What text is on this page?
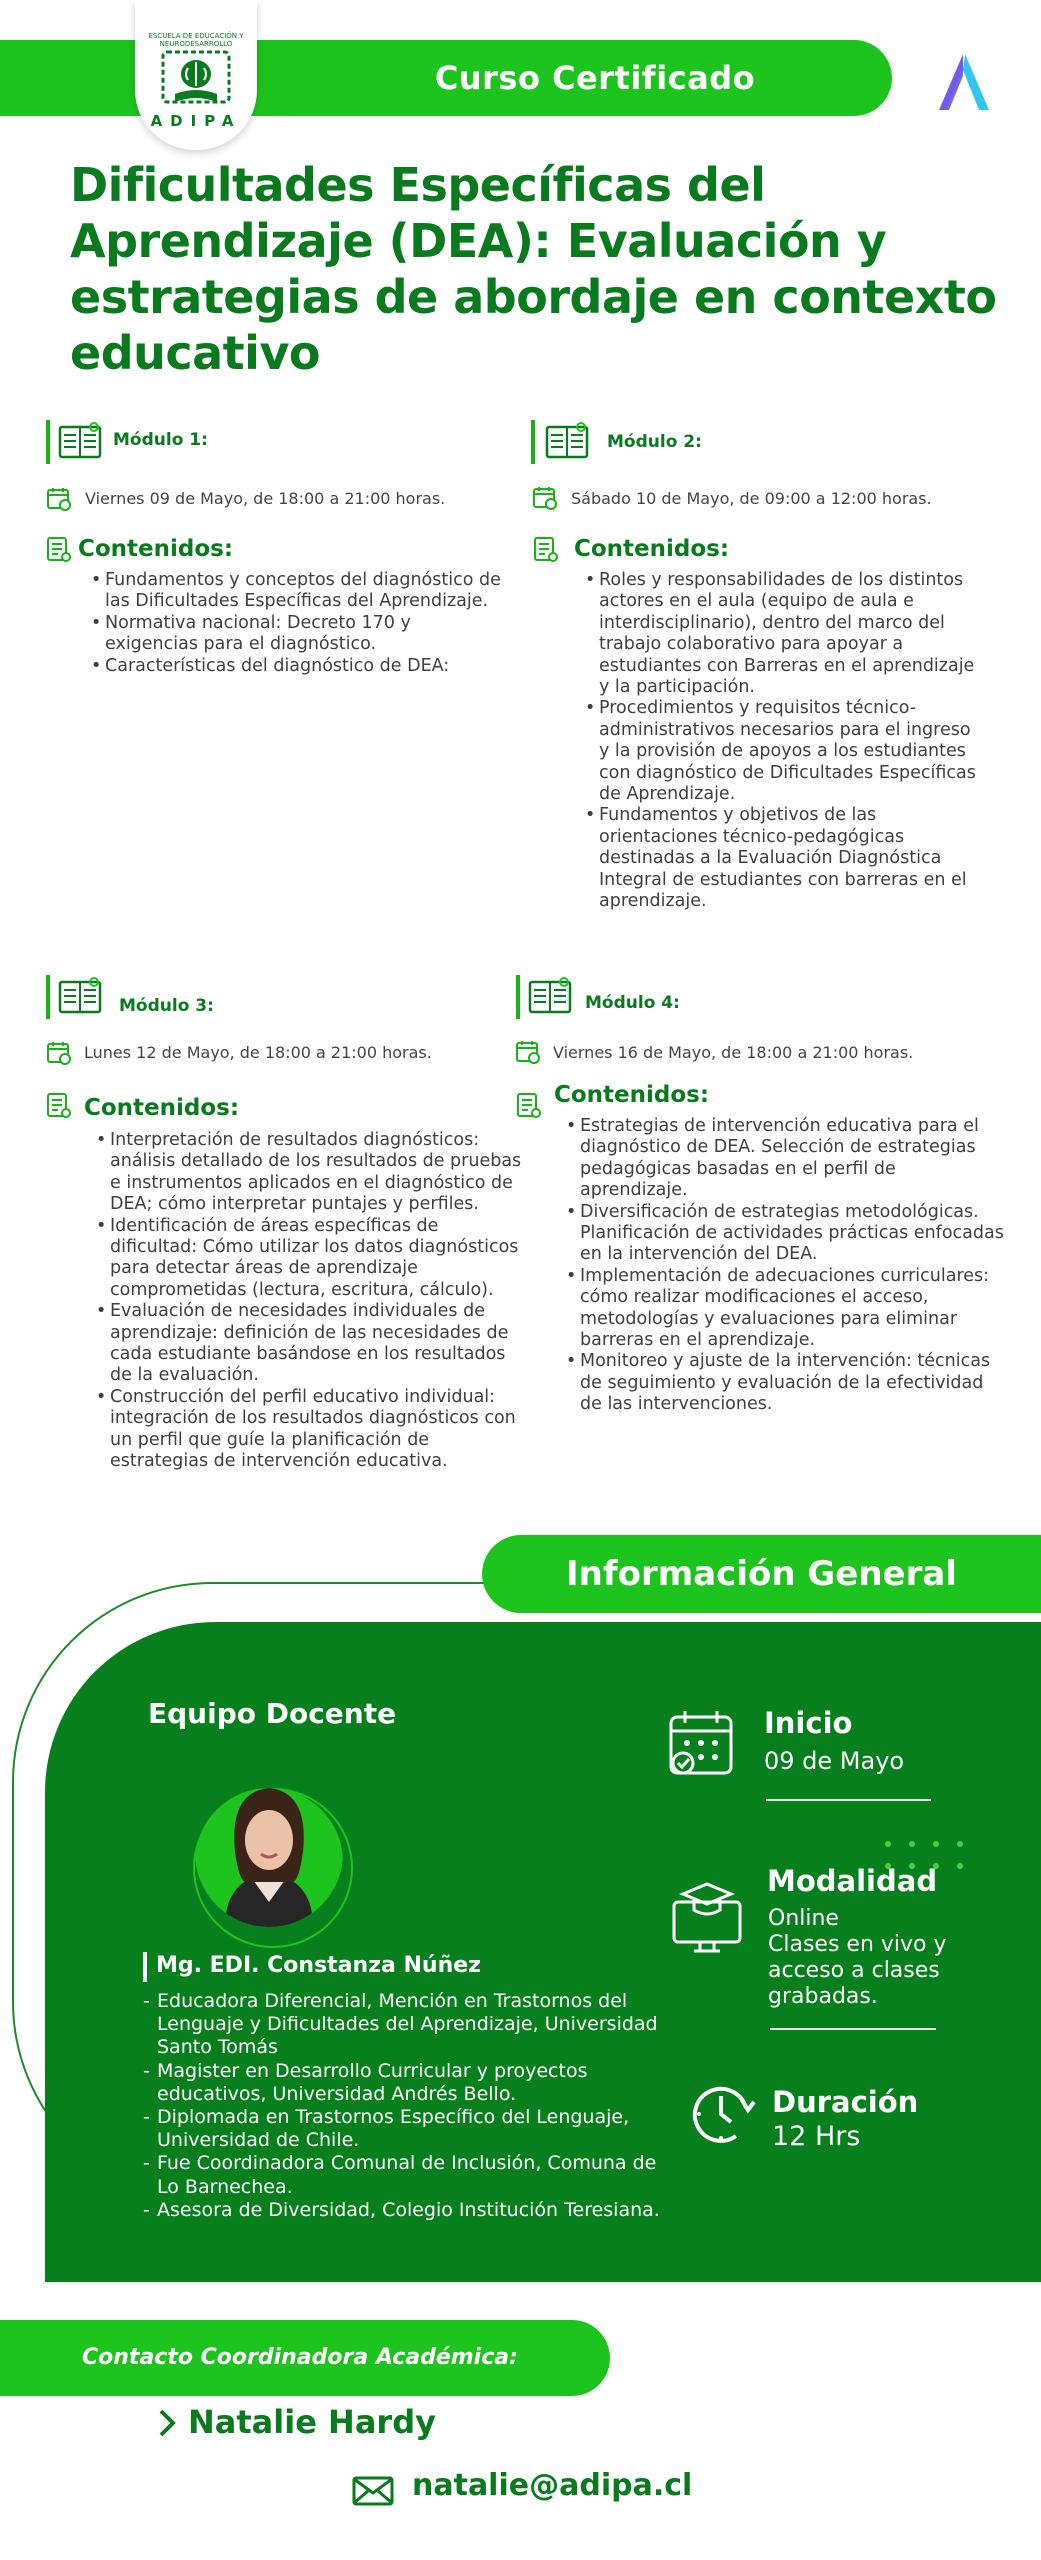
Curso Certificado
ESCUELA DE EDUCACIÓN Y NEURODESARROLLO
ADIPA
Dificultades Específicas del
Aprendizaje (DEA): Evaluación y
estrategias de abordaje en contexto
educativo
Módulo 1:
Viernes 09 de Mayo, de 18:00 a 21:00 horas.
Contenidos:
• Fundamentos y conceptos del diagnóstico de las Dificultades Específicas del Aprendizaje.
• Normativa nacional: Decreto 170 y exigencias para el diagnóstico.
• Características del diagnóstico de DEA:
Módulo 2:
Sábado 10 de Mayo, de 09:00 a 12:00 horas.
Contenidos:
• Roles y responsabilidades de los distintos actores en el aula (equipo de aula e interdisciplinario), dentro del marco del trabajo colaborativo para apoyar a estudiantes con Barreras en el aprendizaje y la participación.
• Procedimientos y requisitos técnico-administrativos necesarios para el ingreso y la provisión de apoyos a los estudiantes con diagnóstico de Dificultades Específicas de Aprendizaje.
• Fundamentos y objetivos de las orientaciones técnico-pedagógicas destinadas a la Evaluación Diagnóstica Integral de estudiantes con barreras en el aprendizaje.
Módulo 3:
Lunes 12 de Mayo, de 18:00 a 21:00 horas.
Contenidos:
• Interpretación de resultados diagnósticos: análisis detallado de los resultados de pruebas e instrumentos aplicados en el diagnóstico de DEA; cómo interpretar puntajes y perfiles.
• Identificación de áreas específicas de dificultad: Cómo utilizar los datos diagnósticos para detectar áreas de aprendizaje comprometidas (lectura, escritura, cálculo).
• Evaluación de necesidades individuales de aprendizaje: definición de las necesidades de cada estudiante basándose en los resultados de la evaluación.
• Construcción del perfil educativo individual: integración de los resultados diagnósticos con un perfil que guíe la planificación de estrategias de intervención educativa.
Módulo 4:
Viernes 16 de Mayo, de 18:00 a 21:00 horas.
Contenidos:
• Estrategias de intervención educativa para el diagnóstico de DEA. Selección de estrategias pedagógicas basadas en el perfil de aprendizaje.
• Diversificación de estrategias metodológicas. Planificación de actividades prácticas enfocadas en la intervención del DEA.
• Implementación de adecuaciones curriculares: cómo realizar modificaciones el acceso, metodologías y evaluaciones para eliminar barreras en el aprendizaje.
• Monitoreo y ajuste de la intervención: técnicas de seguimiento y evaluación de la efectividad de las intervenciones.
Información General
Equipo Docente
Mg. EDI. Constanza Núñez
- Educadora Diferencial, Mención en Trastornos del Lenguaje y Dificultades del Aprendizaje, Universidad Santo Tomás
- Magister en Desarrollo Curricular y proyectos educativos, Universidad Andrés Bello.
- Diplomada en Trastornos Específico del Lenguaje, Universidad de Chile.
- Fue Coordinadora Comunal de Inclusión, Comuna de Lo Barnechea.
- Asesora de Diversidad, Colegio Institución Teresiana.
Inicio
09 de Mayo
Modalidad
Online
Clases en vivo y
acceso a clases
grabadas.
Duración
12 Hrs
Contacto Coordinadora Académica:
Natalie Hardy
natalie@adipa.cl
